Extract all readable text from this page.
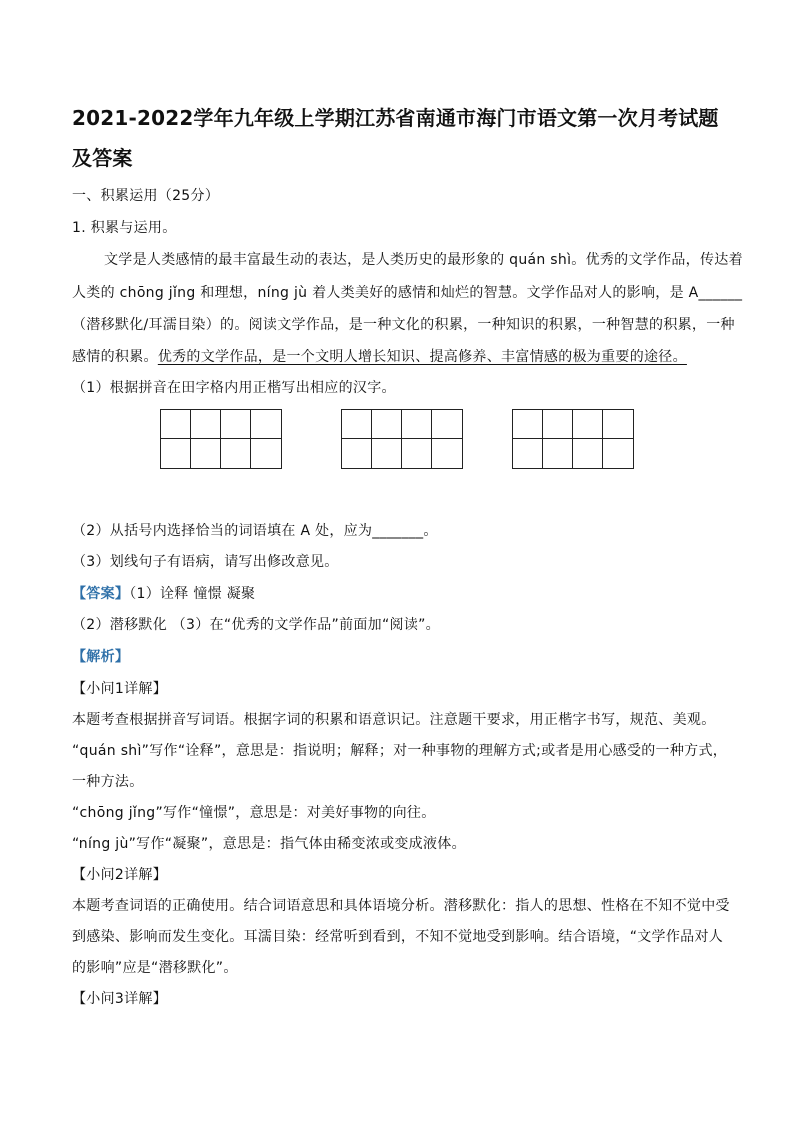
2021-2022学年九年级上学期江苏省南通市海门市语文第一次月考试题及答案
一、积累运用（25分）
1. 积累与运用。
文学是人类感情的最丰富最生动的表达，是人类历史的最形象的 quán shì。优秀的文学作品，传达着
人类的 chōng jǐng 和理想，níng jù 着人类美好的感情和灿烂的智慧。文学作品对人的影响，是 A______
（潜移默化/耳濡目染）的。阅读文学作品，是一种文化的积累，一种知识的积累，一种智慧的积累，一种
感情的积累。优秀的文学作品，是一个文明人增长知识、提高修养、丰富情感的极为重要的途径。
（1）根据拼音在田字格内用正楷写出相应的汉字。
（2）从括号内选择恰当的词语填在 A 处，应为_______。
（3）划线句子有语病，请写出修改意见。
【答案】（1）诠释 憧憬 凝聚
（2）潜移默化 （3）在“优秀的文学作品”前面加“阅读”。
【解析】
【小问1详解】
本题考查根据拼音写词语。根据字词的积累和语意识记。注意题干要求，用正楷字书写，规范、美观。
“quán shì”写作“诠释”，意思是：指说明；解释；对一种事物的理解方式;或者是用心感受的一种方式，
一种方法。
“chōng jǐng”写作“憧憬”，意思是：对美好事物的向往。
“níng jù”写作“凝聚”，意思是：指气体由稀变浓或变成液体。
【小问2详解】
本题考查词语的正确使用。结合词语意思和具体语境分析。潜移默化：指人的思想、性格在不知不觉中受
到感染、影响而发生变化。耳濡目染：经常听到看到，不知不觉地受到影响。结合语境，“文学作品对人
的影响”应是“潜移默化”。
【小问3详解】
